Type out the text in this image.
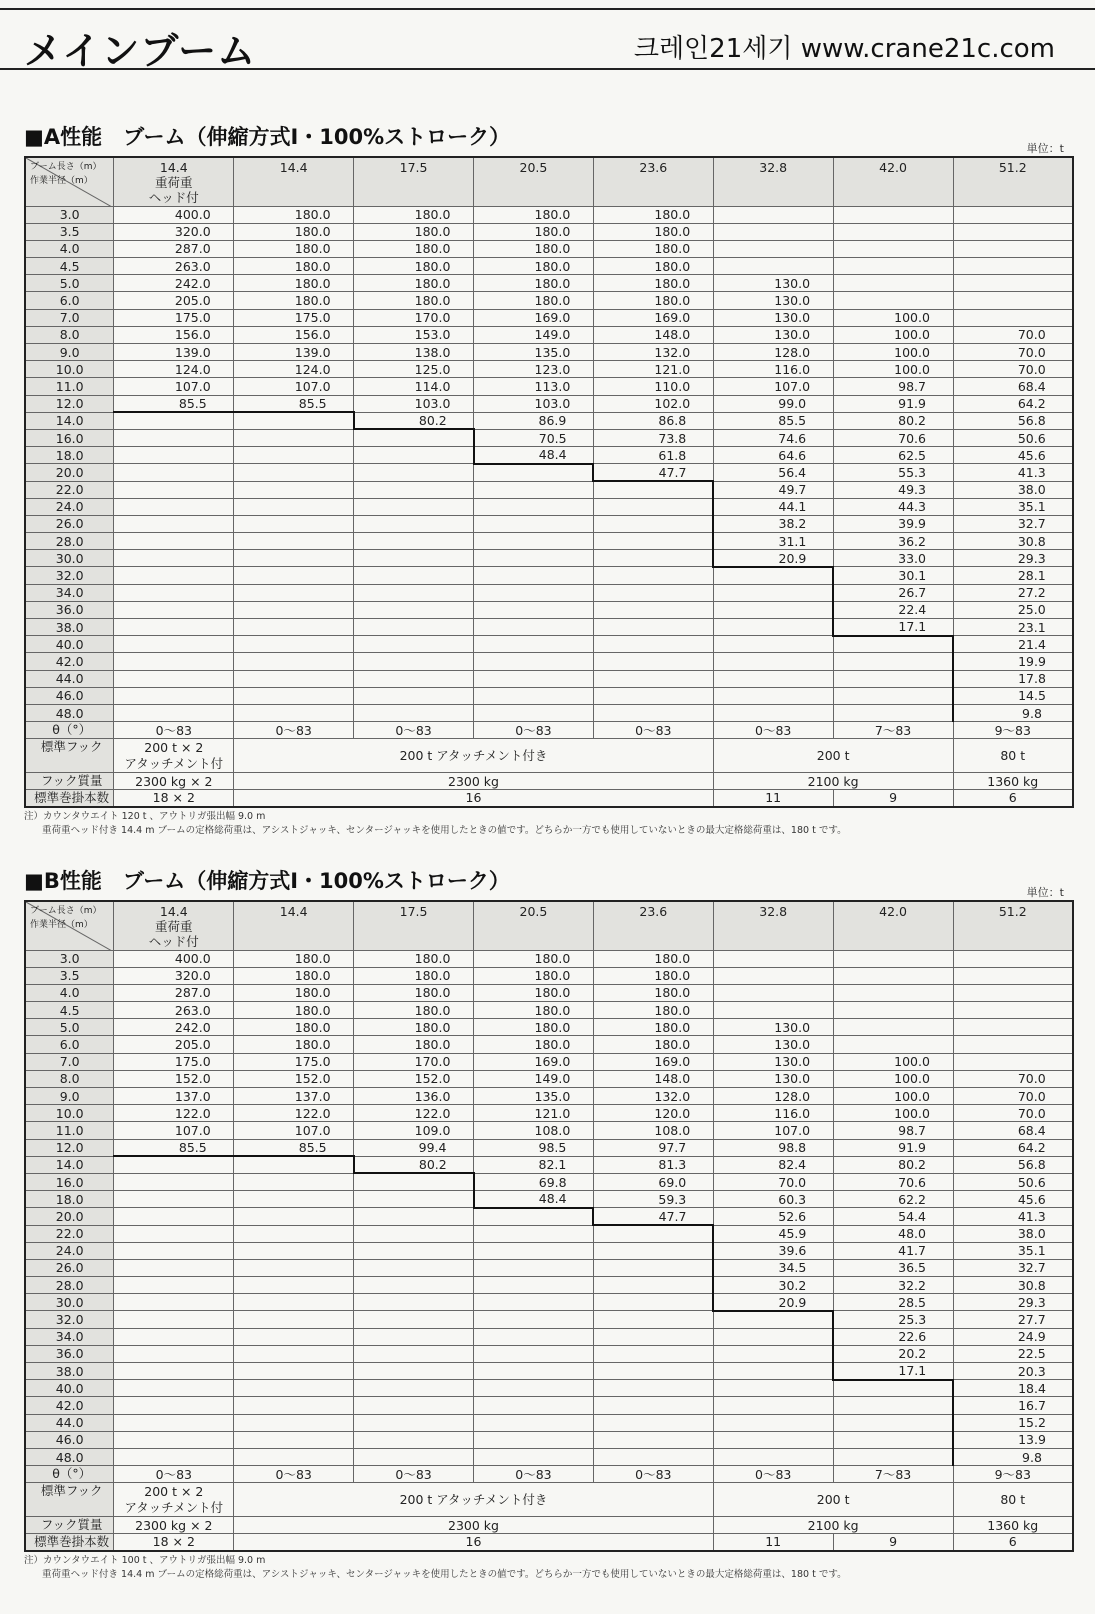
メインブーム	크레인21세기 www.crane21c.com
■A性能　ブーム（伸縮方式Ⅰ・100%ストローク）	単位：t
ブーム長さ（m）
作業半径（m）	14.4
重荷重
ヘッド付	14.4	17.5	20.5	23.6	32.8	42.0	51.2
3.0	400.0	180.0	180.0	180.0	180.0			
3.5	320.0	180.0	180.0	180.0	180.0			
4.0	287.0	180.0	180.0	180.0	180.0			
4.5	263.0	180.0	180.0	180.0	180.0			
5.0	242.0	180.0	180.0	180.0	180.0	130.0		
6.0	205.0	180.0	180.0	180.0	180.0	130.0		
7.0	175.0	175.0	170.0	169.0	169.0	130.0	100.0	
8.0	156.0	156.0	153.0	149.0	148.0	130.0	100.0	70.0
9.0	139.0	139.0	138.0	135.0	132.0	128.0	100.0	70.0
10.0	124.0	124.0	125.0	123.0	121.0	116.0	100.0	70.0
11.0	107.0	107.0	114.0	113.0	110.0	107.0	98.7	68.4
12.0	85.5	85.5	103.0	103.0	102.0	99.0	91.9	64.2
14.0			80.2	86.9	86.8	85.5	80.2	56.8
16.0				70.5	73.8	74.6	70.6	50.6
18.0				48.4	61.8	64.6	62.5	45.6
20.0					47.7	56.4	55.3	41.3
22.0						49.7	49.3	38.0
24.0						44.1	44.3	35.1
26.0						38.2	39.9	32.7
28.0						31.1	36.2	30.8
30.0						20.9	33.0	29.3
32.0							30.1	28.1
34.0							26.7	27.2
36.0							22.4	25.0
38.0							17.1	23.1
40.0								21.4
42.0								19.9
44.0								17.8
46.0								14.5
48.0								9.8
θ（°）	0～83	0～83	0～83	0～83	0～83	0～83	7～83	9～83
標準フック	200 t × 2
アタッチメント付	200 t アタッチメント付き				200 t		80 t
フック質量	2300 kg × 2	2300 kg				2100 kg		1360 kg
標準巻掛本数	18 × 2	16				11	9	6
注）カウンタウエイト 120 t 、アウトリガ張出幅 9.0 m
重荷重ヘッド付き 14.4 m ブームの定格総荷重は、アシストジャッキ、センタージャッキを使用したときの値です。どちらか一方でも使用していないときの最大定格総荷重は、180 t です。
■B性能　ブーム（伸縮方式Ⅰ・100%ストローク）	単位：t
ブーム長さ（m）
作業半径（m）	14.4
重荷重
ヘッド付	14.4	17.5	20.5	23.6	32.8	42.0	51.2
3.0	400.0	180.0	180.0	180.0	180.0			
3.5	320.0	180.0	180.0	180.0	180.0			
4.0	287.0	180.0	180.0	180.0	180.0			
4.5	263.0	180.0	180.0	180.0	180.0			
5.0	242.0	180.0	180.0	180.0	180.0	130.0		
6.0	205.0	180.0	180.0	180.0	180.0	130.0		
7.0	175.0	175.0	170.0	169.0	169.0	130.0	100.0	
8.0	152.0	152.0	152.0	149.0	148.0	130.0	100.0	70.0
9.0	137.0	137.0	136.0	135.0	132.0	128.0	100.0	70.0
10.0	122.0	122.0	122.0	121.0	120.0	116.0	100.0	70.0
11.0	107.0	107.0	109.0	108.0	108.0	107.0	98.7	68.4
12.0	85.5	85.5	99.4	98.5	97.7	98.8	91.9	64.2
14.0			80.2	82.1	81.3	82.4	80.2	56.8
16.0				69.8	69.0	70.0	70.6	50.6
18.0				48.4	59.3	60.3	62.2	45.6
20.0					47.7	52.6	54.4	41.3
22.0						45.9	48.0	38.0
24.0						39.6	41.7	35.1
26.0						34.5	36.5	32.7
28.0						30.2	32.2	30.8
30.0						20.9	28.5	29.3
32.0							25.3	27.7
34.0							22.6	24.9
36.0							20.2	22.5
38.0							17.1	20.3
40.0								18.4
42.0								16.7
44.0								15.2
46.0								13.9
48.0								9.8
θ（°）	0～83	0～83	0～83	0～83	0～83	0～83	7～83	9～83
標準フック	200 t × 2
アタッチメント付	200 t アタッチメント付き				200 t		80 t
フック質量	2300 kg × 2	2300 kg				2100 kg		1360 kg
標準巻掛本数	18 × 2	16				11	9	6
注）カウンタウエイト 100 t 、アウトリガ張出幅 9.0 m
重荷重ヘッド付き 14.4 m ブームの定格総荷重は、アシストジャッキ、センタージャッキを使用したときの値です。どちらか一方でも使用していないときの最大定格総荷重は、180 t です。
